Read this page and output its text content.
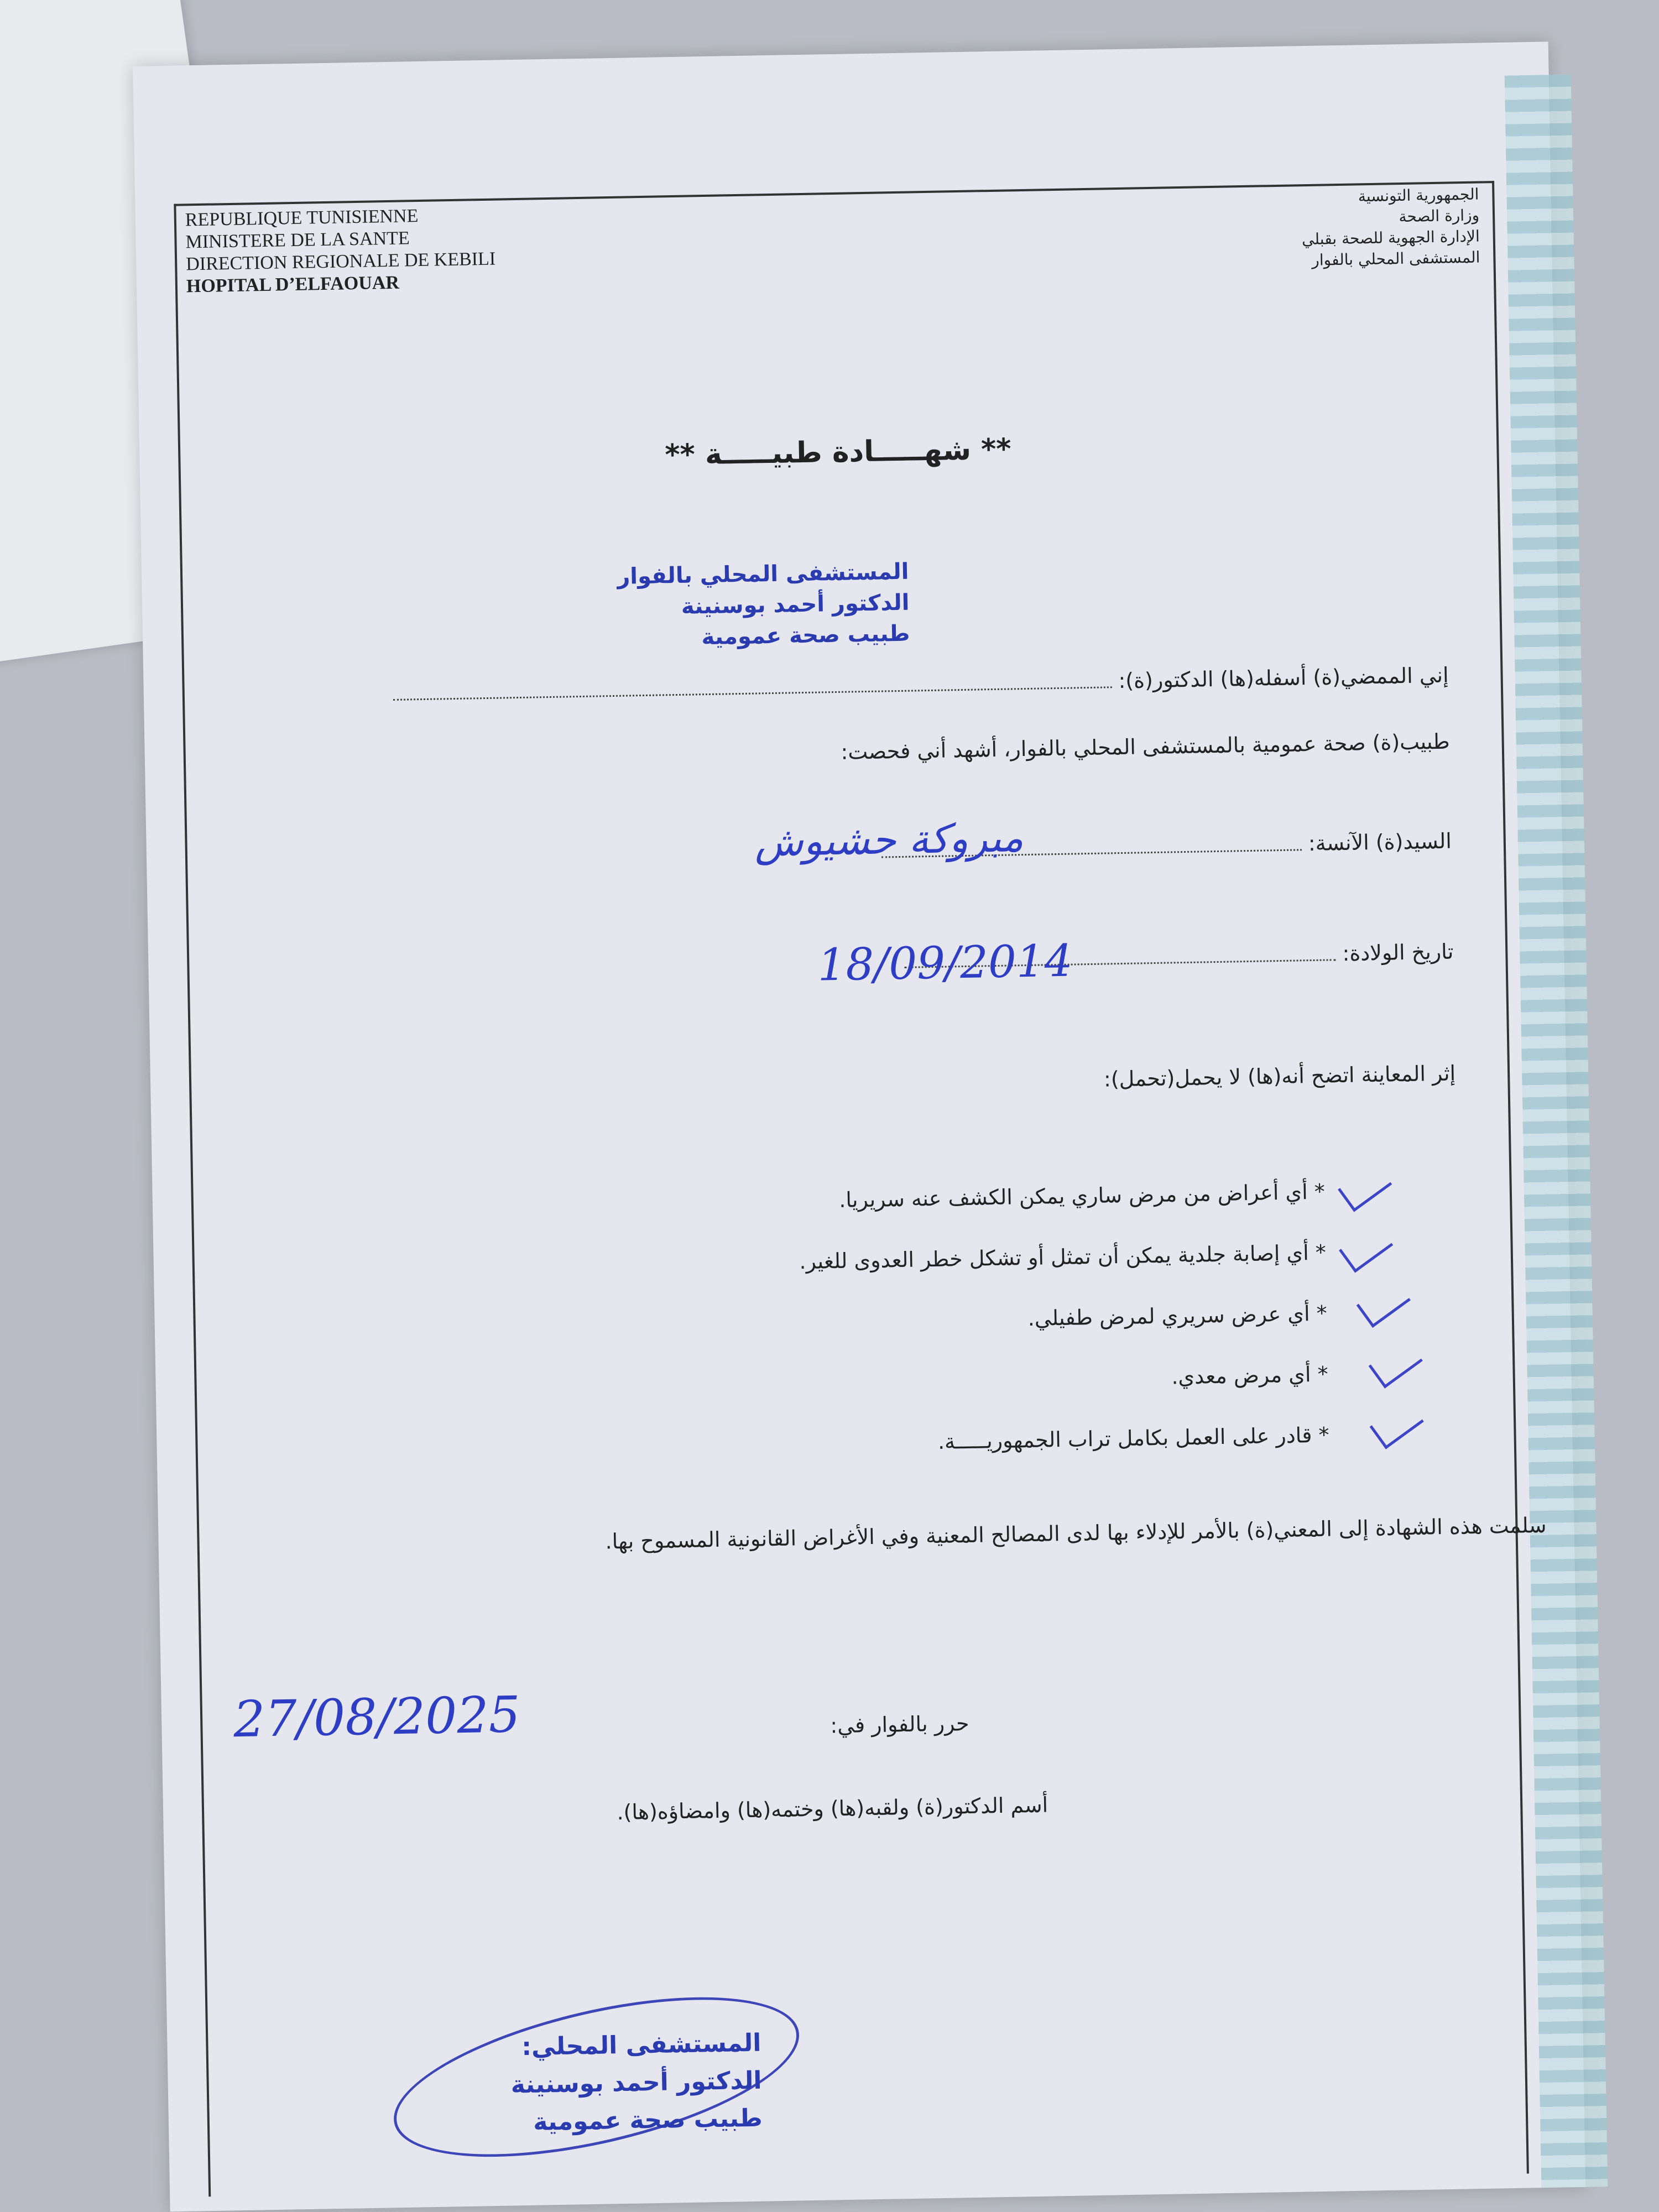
REPUBLIQUE TUNISIENNE
MINISTERE DE LA SANTE
DIRECTION REGIONALE DE KEBILI
HOPITAL D’ELFAOUAR
الجمهورية التونسية
وزارة الصحة
الإدارة الجهوية للصحة بقبلي
المستشفى المحلي بالفوار
** شهـــــادة طبيـــــة **
المستشفى المحلي بالفوار
الدكتور أحمد بوسنينة
طبيب صحة عمومية
إني الممضي(ة) أسفله(ها) الدكتور(ة):
طبيب(ة) صحة عمومية بالمستشفى المحلي بالفوار، أشهد أني فحصت:
السيد(ة) الآنسة:
مبروكة حشيوش
تاريخ الولادة:
18/09/2014
إثر المعاينة اتضح أنه(ها) لا يحمل(تحمل):
* أي أعراض من مرض ساري يمكن الكشف عنه سريريا.
* أي إصابة جلدية يمكن أن تمثل أو تشكل خطر العدوى للغير.
* أي عرض سريري لمرض طفيلي.
* أي مرض معدي.
* قادر على العمل بكامل تراب الجمهوريـــــة.
سلمت هذه الشهادة إلى المعني(ة) بالأمر للإدلاء بها لدى المصالح المعنية وفي الأغراض القانونية المسموح بها.
حرر بالفوار في:
27/08/2025
أسم الدكتور(ة) ولقبه(ها) وختمه(ها) وامضاؤه(ها).
المستشفى المحلي:
الدكتور أحمد بوسنينة
طبيب صحة عمومية
